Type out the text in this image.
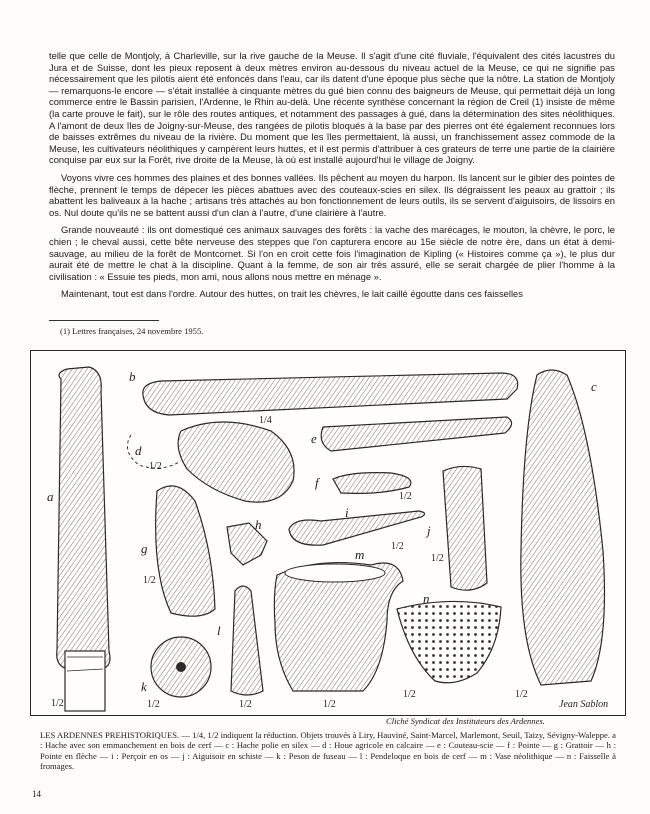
telle que celle de Montjoly, à Charleville, sur la rive gauche de la Meuse. Il s'agit d'une cité fluviale, l'équivalent des cités lacustres du Jura et de Suisse, dont les pieux reposent à deux mètres environ au-dessous du niveau actuel de la Meuse, ce qui ne signifie pas nécessairement que les pilotis aient été enfoncés dans l'eau, car ils datent d'une époque plus sèche que la nôtre. La station de Montjoly — remarquons-le encore — s'était installée à cinquante mètres du gué bien connu des baigneurs de Meuse, qui permettait déjà un long commerce entre le Bassin parisien, l'Ardenne, le Rhin au-delà. Une récente synthèse concernant la région de Creil (1) insiste de même (la carte prouve le fait), sur le rôle des routes antiques, et notamment des passages à gué, dans la détermination des sites néolithiques. A l'amont de deux îles de Joigny-sur-Meuse, des rangées de pilotis bloqués à la base par des pierres ont été également reconnues lors de baisses extrêmes du niveau de la rivière. Du moment que les îles permettaient, là aussi, un franchissement assez commode de la Meuse, les cultivateurs néolithiques y campèrent leurs huttes, et il est permis d'attribuer à ces grateurs de terre une partie de la clairière conquise par eux sur la Forêt, rive droite de la Meuse, là où est installé aujourd'hui le village de Joigny.

Voyons vivre ces hommes des plaines et des bonnes vallées. Ils pêchent au moyen du harpon. Ils lancent sur le gibier des pointes de flèche, prennent le temps de dépecer les pièces abattues avec des couteaux-scies en silex. Ils dégraissent les peaux au grattoir ; ils abattent les baliveaux à la hache ; artisans très attachés au bon fonctionnement de leurs outils, ils se servent d'aiguisoirs, de lissoirs en os. Nul doute qu'ils ne se battent aussi d'un clan à l'autre, d'une clairière à l'autre.

Grande nouveauté : ils ont domestiqué ces animaux sauvages des forêts : la vache des marécages, le mouton, la chèvre, le porc, le chien ; le cheval aussi, cette bête nerveuse des steppes que l'on capturera encore au 15e siècle de notre ère, dans un état à demi-sauvage, au milieu de la forêt de Montcornet. Si l'on en croit cette fois l'imagination de Kipling (« Histoires comme ça »), le plus dur aurait été de mettre le chat à la discipline. Quant à la femme, de son air très assuré, elle se serait chargée de plier l'homme à la civilisation : « Essuie tes pieds, mon ami, nous allons nous mettre en ménage ».

Maintenant, tout est dans l'ordre. Autour des huttes, on trait les chèvres, le lait caillé égoutte dans ces faisselles

(1) Lettres françaises, 24 novembre 1955.
a
1/2
b
1/4
c
1/2
d
1/2
e
f
1/2
g
1/2
h
i
1/2
j
1/2
k
1/2
l
1/2
m
1/2
n
1/2
Jean Sablon
Cliché Syndicat des Instituteurs des Ardennes.
LES ARDENNES PREHISTORIQUES. — 1/4, 1/2 indiquent la réduction. Objets trouvés à Liry, Hauviné, Saint-Marcel, Marlemont, Seuil, Taizy, Sévigny-Waleppe. a : Hache avec son emmanchement en bois de cerf — c : Hache polie en silex — d : Houe agricole en calcaire — e : Couteau-scie — f : Pointe — g : Grattoir — h : Pointe en flèche — i : Perçoir en os — j : Aiguisoir en schiste — k : Peson de fuseau — l : Pendeloque en bois de cerf — m : Vase néolithique — n : Faisselle à fromages.
14
